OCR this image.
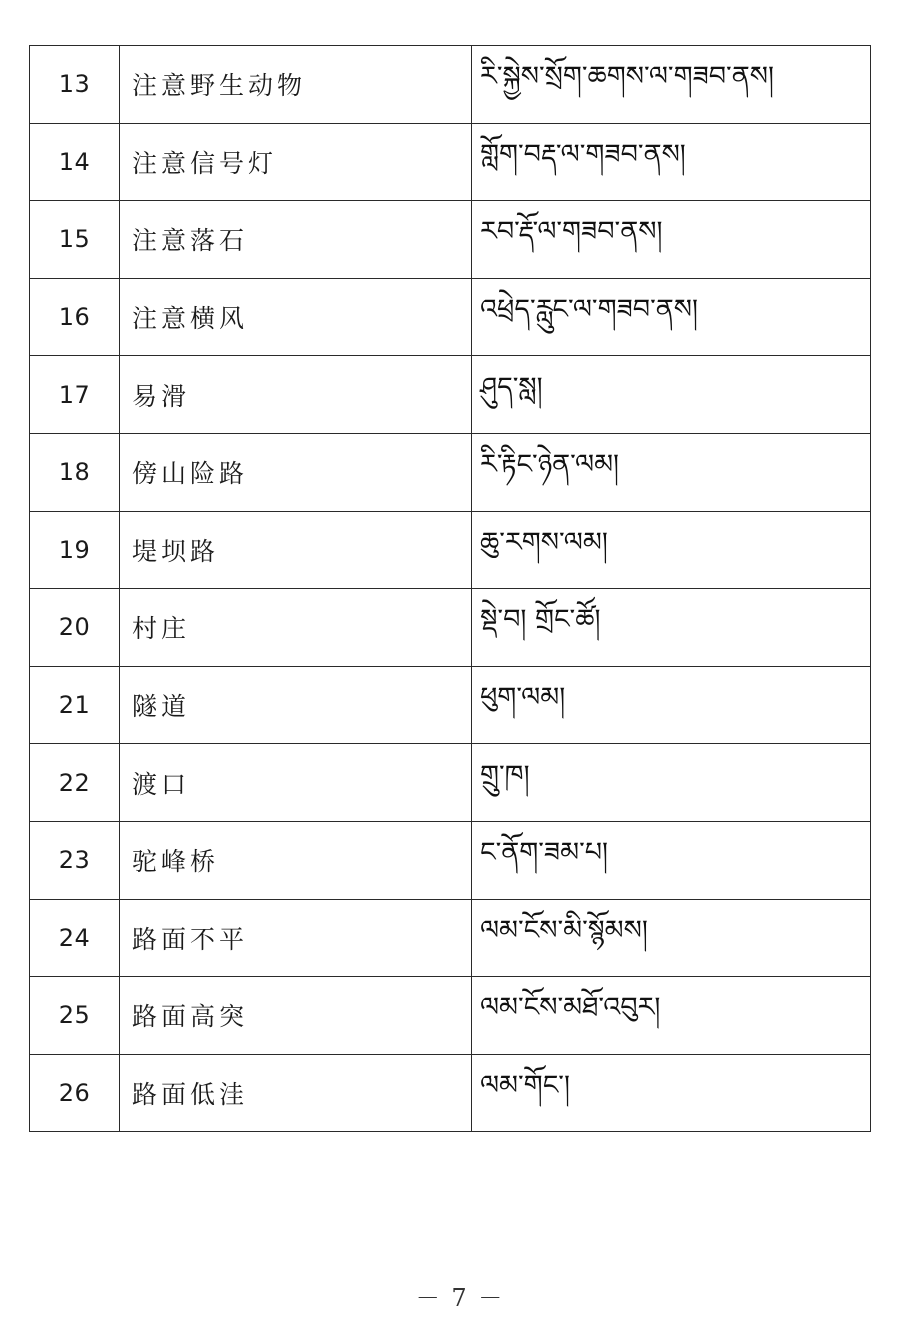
13	注意野生动物	རི་སྐྱེས་སྲོག་ཆགས་ལ་གཟབ་ནས།
14	注意信号灯	གློག་བརྡ་ལ་གཟབ་ནས།
15	注意落石	རབ་རྡོ་ལ་གཟབ་ནས།
16	注意横风	འཕྲེད་རླུང་ལ་གཟབ་ནས།
17	易滑	ཤུད་སླ།
18	傍山险路	རི་རྟིང་ཉེན་ལམ།
19	堤坝路	ཆུ་རགས་ལམ།
20	村庄	སྡེ་བ། གྲོང་ཚོ།
21	隧道	ཕུག་ལམ།
22	渡口	གྲུ་ཁ།
23	驼峰桥	ང་ནོག་ཟམ་པ།
24	路面不平	ལམ་ངོས་མི་སྙོམས།
25	路面高突	ལམ་ངོས་མཐོ་འབུར།
26	路面低洼	ལམ་གོང་།
－ 7 －
